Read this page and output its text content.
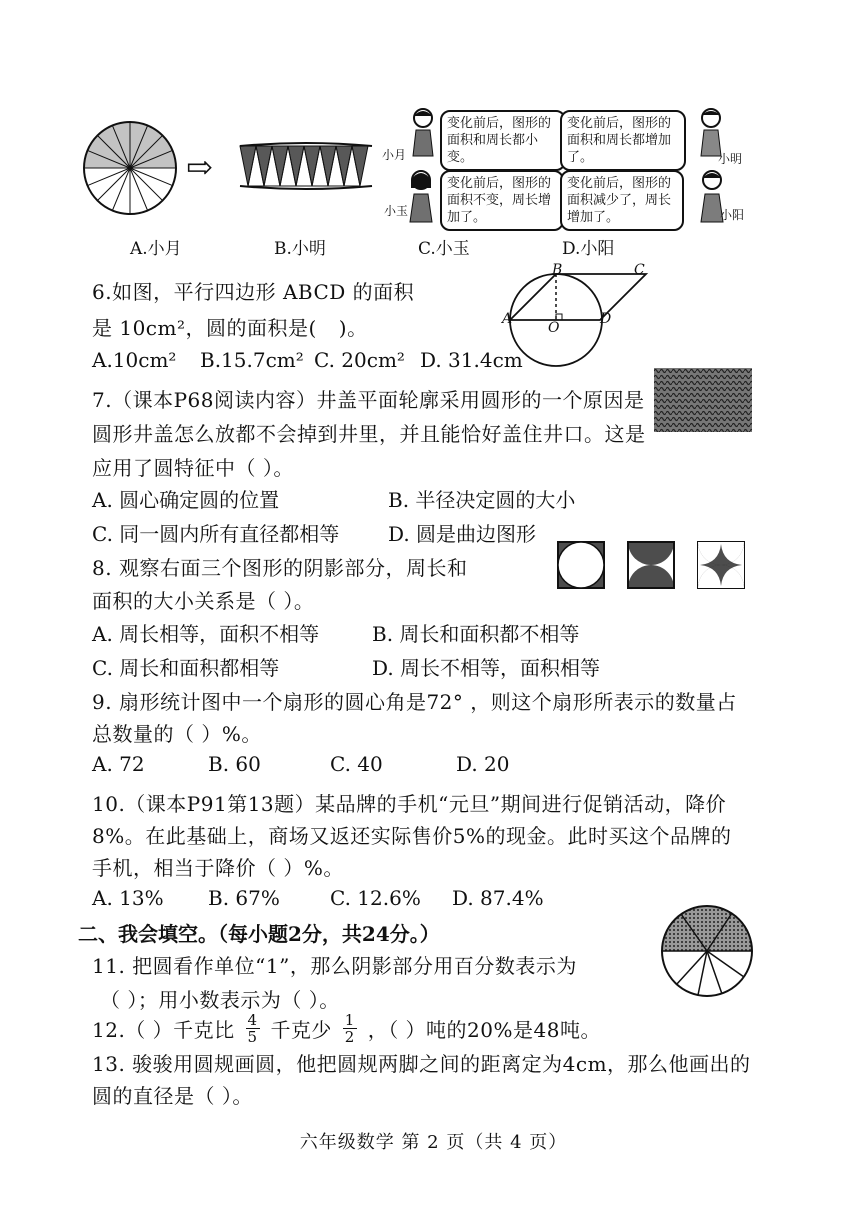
⇨	小月	小明
小玉	小阳
变化前后，图形的面积和周长都小变。
变化前后，图形的面积和周长都增加了。
变化前后，图形的面积不变，周长增加了。
变化前后，图形的面积减少了，周长增加了。
A.小月	B.小明	C.小玉	D.小阳
6.如图，平行四边形 ABCD 的面积
是 10cm²，圆的面积是( )。
A.10cm² B.15.7cm² C. 20cm² D. 31.4cm
B	C
A
O
D
7.（课本P68阅读内容）井盖平面轮廓采用圆形的一个原因是
圆形井盖怎么放都不会掉到井里，并且能恰好盖住井口。这是
应用了圆特征中（ ）。
A. 圆心确定圆的位置	B. 半径决定圆的大小
C. 同一圆内所有直径都相等 D. 圆是曲边图形
8. 观察右面三个图形的阴影部分，周长和
面积的大小关系是（ ）。
A. 周长相等，面积不相等	B. 周长和面积都不相等
C. 周长和面积都相等	D. 周长不相等，面积相等
9. 扇形统计图中一个扇形的圆心角是72° ，则这个扇形所表示的数量占
总数量的（ ）%。
A. 72	B. 60	C. 40	D. 20
10.（课本P91第13题）某品牌的手机“元旦”期间进行促销活动，降价
8%。在此基础上，商场又返还实际售价5%的现金。此时买这个品牌的
手机，相当于降价（ ）%。
A. 13% B. 67%	C. 12.6% D. 87.4%
二、我会填空。（每小题2分，共24分。）
11. 把圆看作单位“1”，那么阴影部分用百分数表示为
（ ）；用小数表示为（ ）。
12.（ ）千克比 $\frac{4}{5}$ 千克少 $\frac{1}{2}$ ，（ ）吨的20%是48吨。
13. 骏骏用圆规画圆，他把圆规两脚之间的距离定为4cm，那么他画出的
圆的直径是（ ）。
六年级数学 第 2 页（共 4 页）
